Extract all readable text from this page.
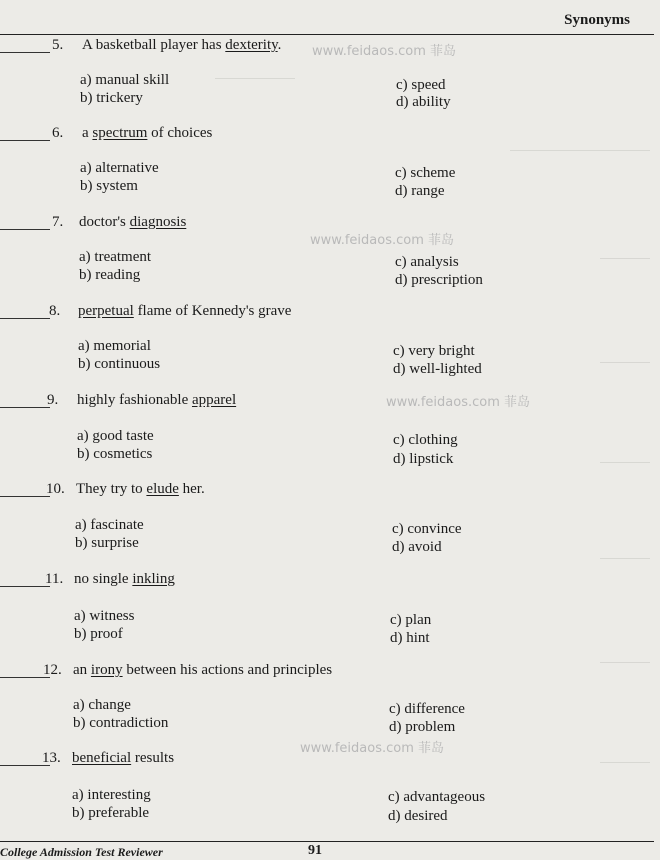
Synonyms
5. A basketball player has dexterity.
a) manual skill
b) trickery
c) speed
d) ability
6. a spectrum of choices
a) alternative
b) system
c) scheme
d) range
7. doctor's diagnosis
a) treatment
b) reading
c) analysis
d) prescription
8. perpetual flame of Kennedy's grave
a) memorial
b) continuous
c) very bright
d) well-lighted
9. highly fashionable apparel
a) good taste
b) cosmetics
c) clothing
d) lipstick
10. They try to elude her.
a) fascinate
b) surprise
c) convince
d) avoid
11. no single inkling
a) witness
b) proof
c) plan
d) hint
12. an irony between his actions and principles
a) change
b) contradiction
c) difference
d) problem
13. beneficial results
a) interesting
b) preferable
c) advantageous
d) desired
www.feidaos.com 菲岛
www.feidaos.com 菲岛
www.feidaos.com 菲岛
www.feidaos.com 菲岛
College Admission Test Reviewer	91
